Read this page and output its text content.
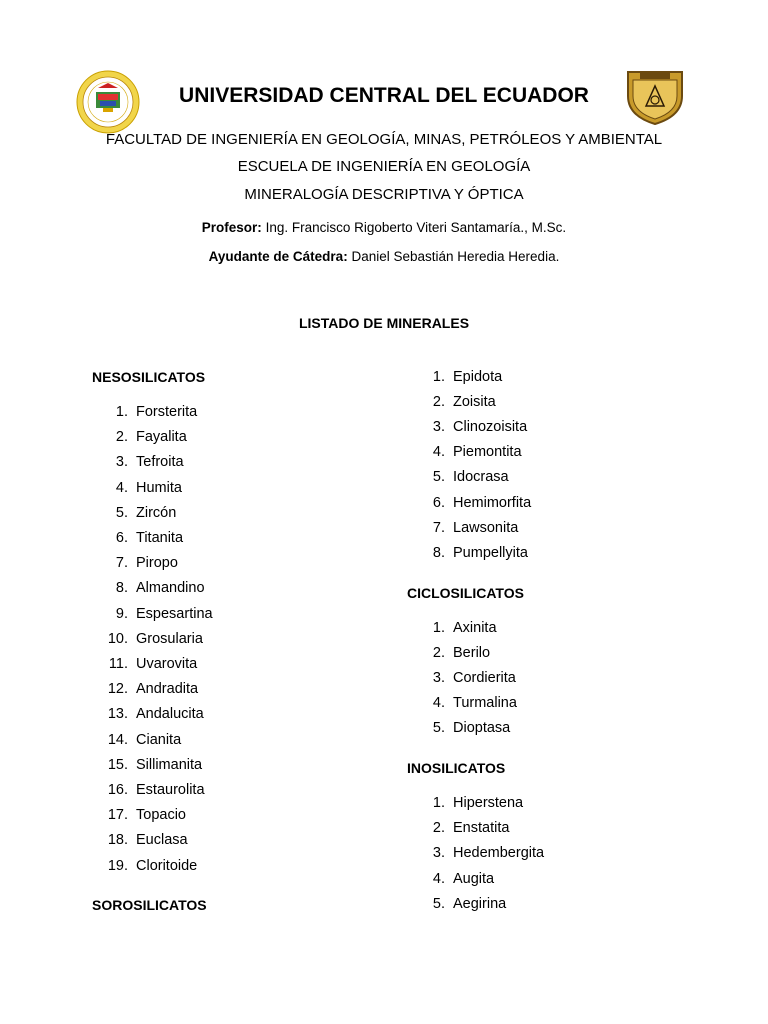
UNIVERSIDAD CENTRAL DEL ECUADOR
FACULTAD DE INGENIERÍA EN GEOLOGÍA, MINAS, PETRÓLEOS Y AMBIENTAL
ESCUELA DE INGENIERÍA EN GEOLOGÍA
MINERALOGÍA DESCRIPTIVA Y ÓPTICA
Profesor: Ing. Francisco Rigoberto Viteri Santamaría., M.Sc.
Ayudante de Cátedra: Daniel Sebastián Heredia Heredia.
LISTADO DE MINERALES
NESOSILICATOS
1. Forsterita
2. Fayalita
3. Tefroita
4. Humita
5. Zircón
6. Titanita
7. Piropo
8. Almandino
9. Espesartina
10. Grosularia
11. Uvarovita
12. Andradita
13. Andalucita
14. Cianita
15. Sillimanita
16. Estaurolita
17. Topacio
18. Euclasa
19. Cloritoide
SOROSILICATOS
1. Epidota
2. Zoisita
3. Clinozoisita
4. Piemontita
5. Idocrasa
6. Hemimorfita
7. Lawsonita
8. Pumpellyita
CICLOSILICATOS
1. Axinita
2. Berilo
3. Cordierita
4. Turmalina
5. Dioptasa
INOSILICATOS
1. Hiperstena
2. Enstatita
3. Hedembergita
4. Augita
5. Aegirina
